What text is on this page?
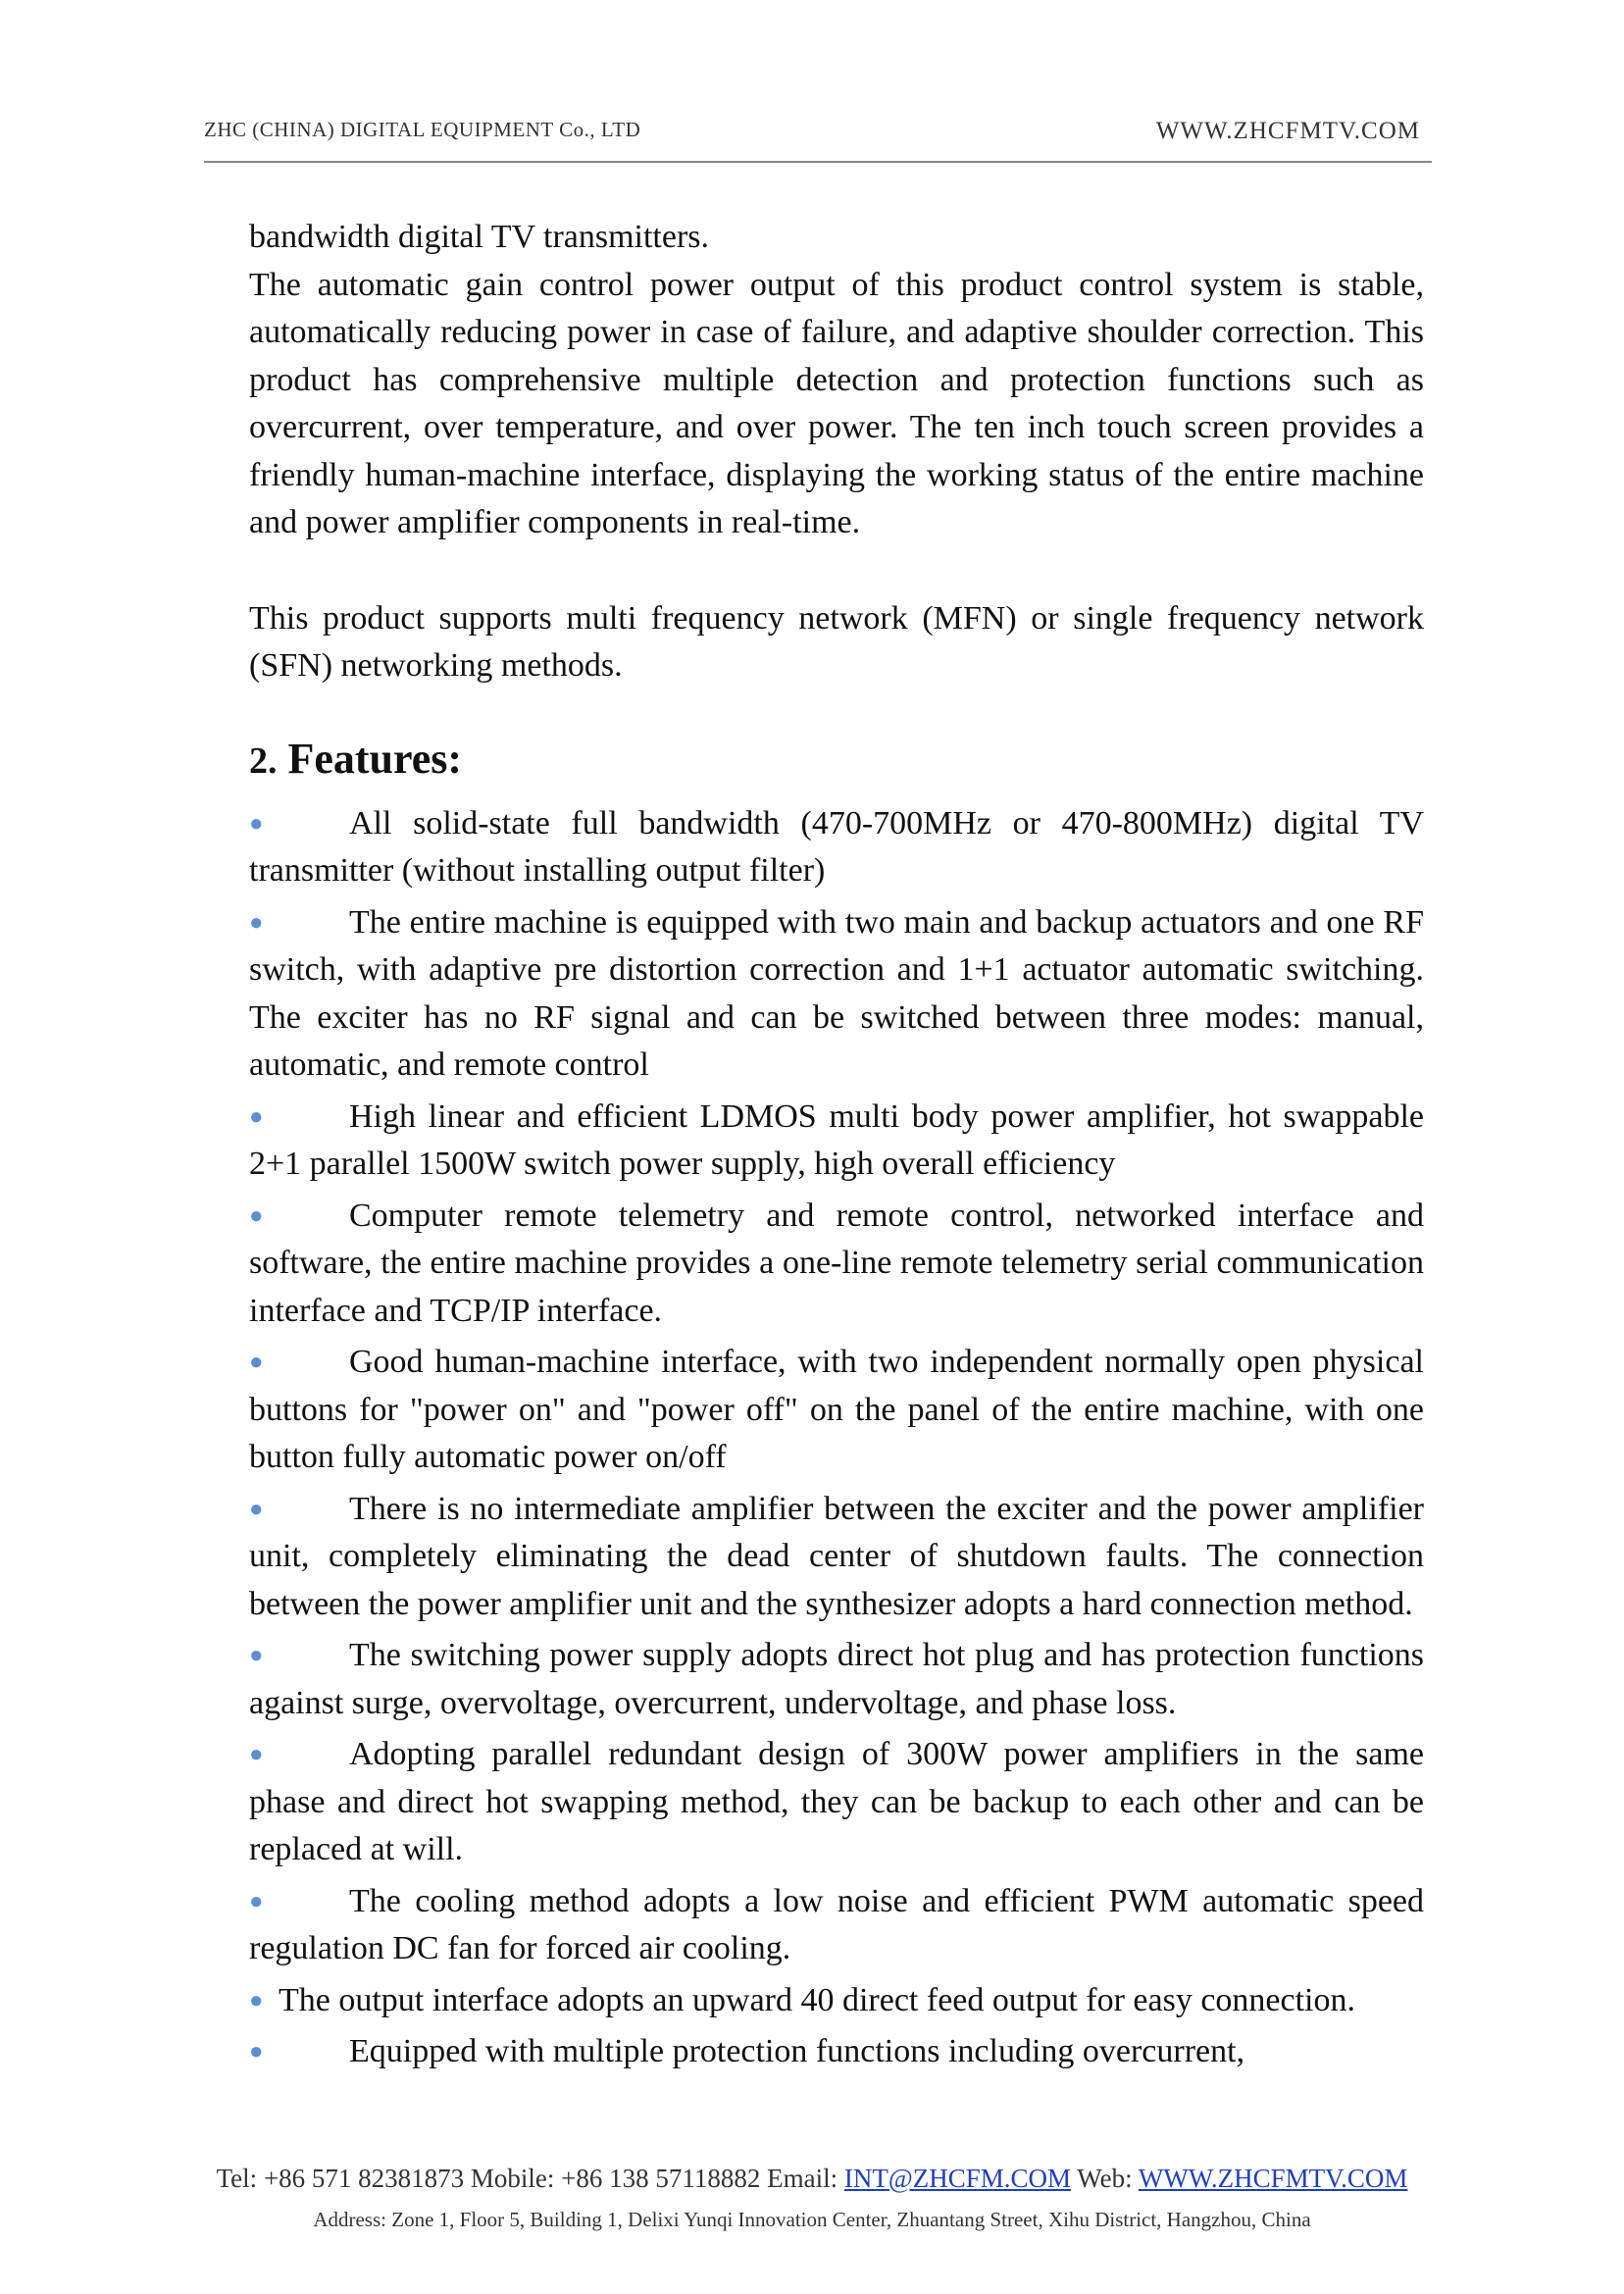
ZHC (CHINA) DIGITAL EQUIPMENT Co., LTD	WWW.ZHCFMTV.COM

bandwidth digital TV transmitters.

The automatic gain control power output of this product control system is stable, automatically reducing power in case of failure, and adaptive shoulder correction. This product has comprehensive multiple detection and protection functions such as overcurrent, over temperature, and over power. The ten inch touch screen provides a friendly human-machine interface, displaying the working status of the entire machine and power amplifier components in real-time.

This product supports multi frequency network (MFN) or single frequency network (SFN) networking methods.

2. Features:

●	All solid-state full bandwidth (470-700MHz or 470-800MHz) digital TV transmitter (without installing output filter)

●	The entire machine is equipped with two main and backup actuators and one RF switch, with adaptive pre distortion correction and 1+1 actuator automatic switching. The exciter has no RF signal and can be switched between three modes: manual, automatic, and remote control

●	High linear and efficient LDMOS multi body power amplifier, hot swappable 2+1 parallel 1500W switch power supply, high overall efficiency

●	Computer remote telemetry and remote control, networked interface and software, the entire machine provides a one-line remote telemetry serial communication interface and TCP/IP interface.

●	Good human-machine interface, with two independent normally open physical buttons for "power on" and "power off" on the panel of the entire machine, with one button fully automatic power on/off

●	There is no intermediate amplifier between the exciter and the power amplifier unit, completely eliminating the dead center of shutdown faults. The connection between the power amplifier unit and the synthesizer adopts a hard connection method.

●	The switching power supply adopts direct hot plug and has protection functions against surge, overvoltage, overcurrent, undervoltage, and phase loss.

●	Adopting parallel redundant design of 300W power amplifiers in the same phase and direct hot swapping method, they can be backup to each other and can be replaced at will.

●	The cooling method adopts a low noise and efficient PWM automatic speed regulation DC fan for forced air cooling.

● The output interface adopts an upward 40 direct feed output for easy connection.

●	Equipped with multiple protection functions including overcurrent,

Tel: +86 571 82381873 Mobile: +86 138 57118882 Email: INT@ZHCFM.COM Web: WWW.ZHCFMTV.COM
Address: Zone 1, Floor 5, Building 1, Delixi Yunqi Innovation Center, Zhuantang Street, Xihu District, Hangzhou, China
